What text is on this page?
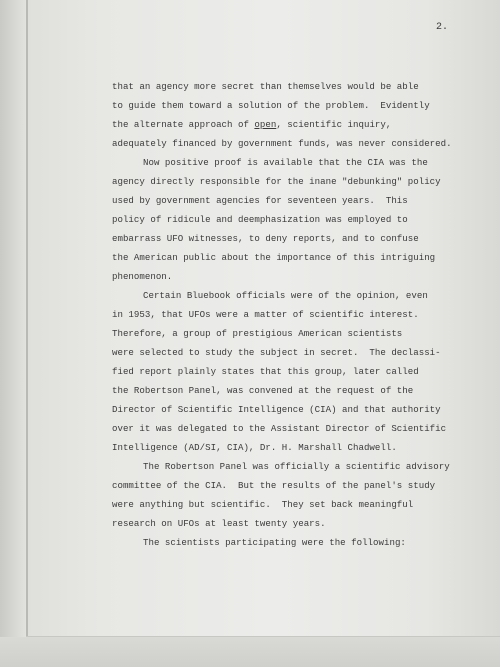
2.
that an agency more secret than themselves would be able
to guide them toward a solution of the problem.  Evidently
the alternate approach of open, scientific inquiry,
adequately financed by government funds, was never considered.
Now positive proof is available that the CIA was the
agency directly responsible for the inane "debunking" policy
used by government agencies for seventeen years.  This
policy of ridicule and deemphasization was employed to
embarrass UFO witnesses, to deny reports, and to confuse
the American public about the importance of this intriguing
phenomenon.
Certain Bluebook officials were of the opinion, even
in 1953, that UFOs were a matter of scientific interest.
Therefore, a group of prestigious American scientists
were selected to study the subject in secret.  The declassi-
fied report plainly states that this group, later called
the Robertson Panel, was convened at the request of the
Director of Scientific Intelligence (CIA) and that authority
over it was delegated to the Assistant Director of Scientific
Intelligence (AD/SI, CIA), Dr. H. Marshall Chadwell.
The Robertson Panel was officially a scientific advisory
committee of the CIA.  But the results of the panel's study
were anything but scientific.  They set back meaningful
research on UFOs at least twenty years.
The scientists participating were the following:
